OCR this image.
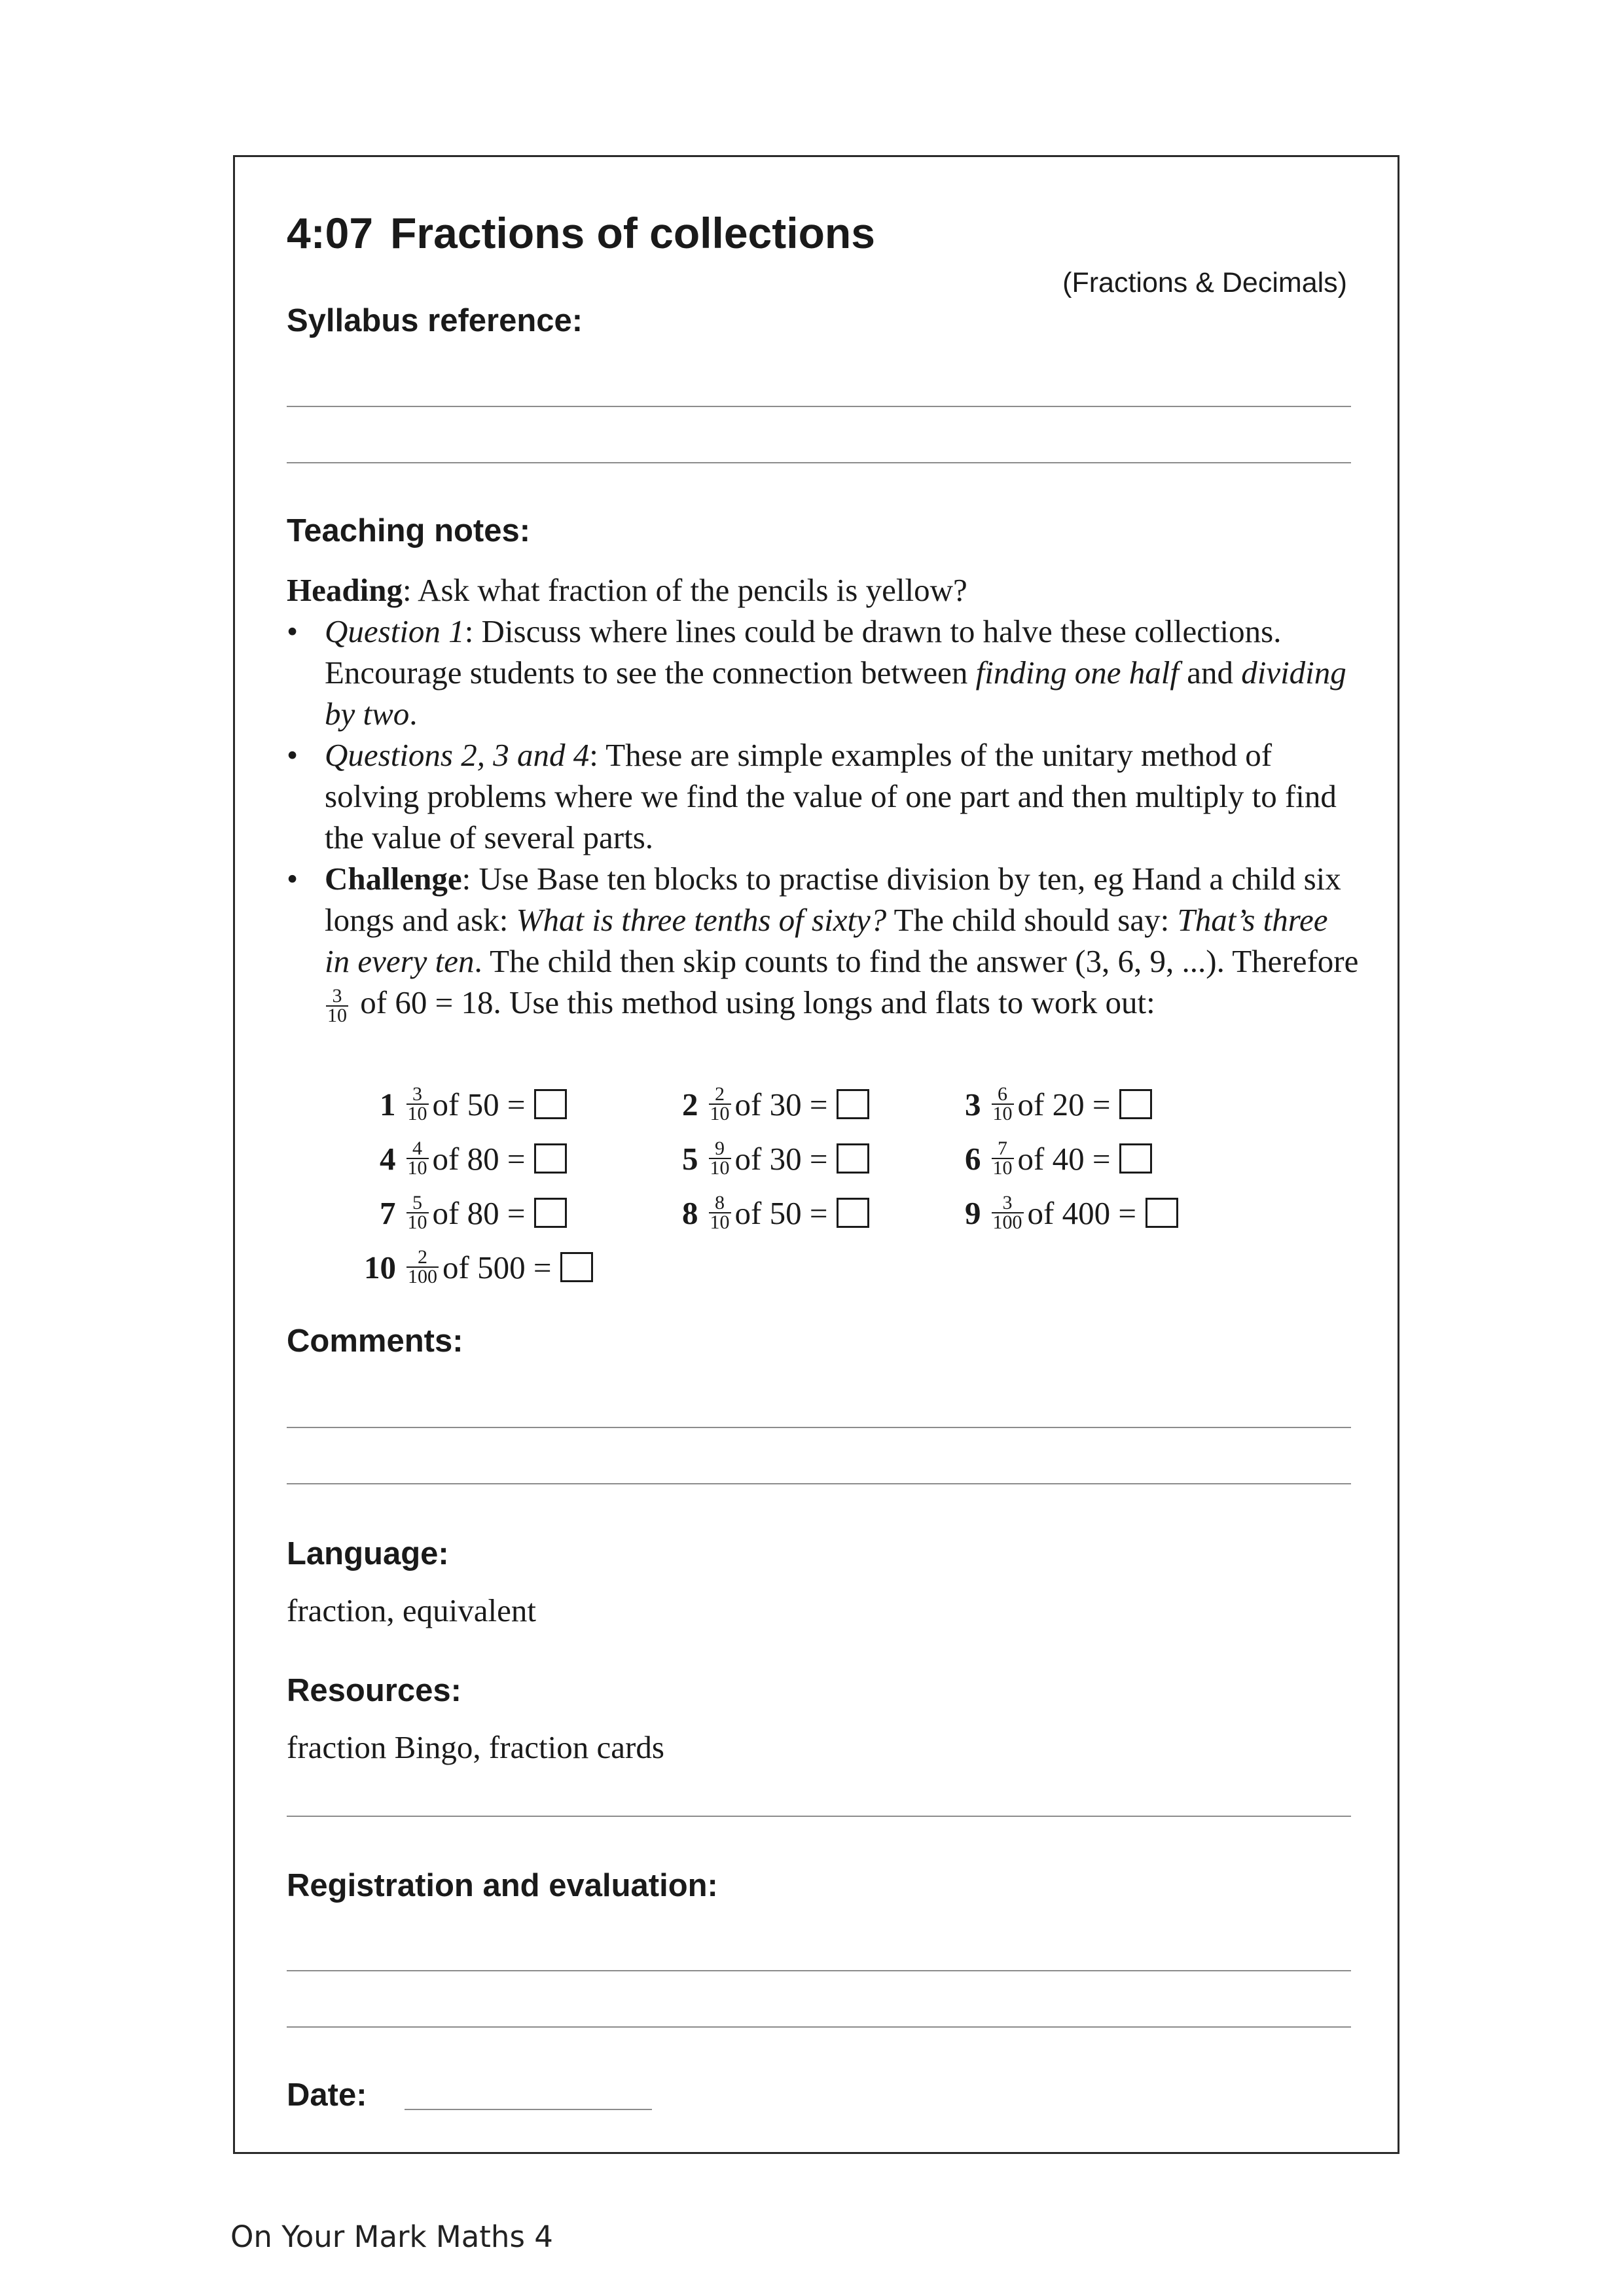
4:07 Fractions of collections
(Fractions & Decimals)
Syllabus reference:
Teaching notes:

Heading: Ask what fraction of the pencils is yellow?

• Question 1: Discuss where lines could be drawn to halve these collections. Encourage students to see the connection between finding one half and dividing by two.
• Questions 2, 3 and 4: These are simple examples of the unitary method of solving problems where we find the value of one part and then multiply to find the value of several parts.
• Challenge: Use Base ten blocks to practise division by ten, eg Hand a child six longs and ask: What is three tenths of sixty? The child should say: That’s three in every ten. The child then skip counts to find the answer (3, 6, 9, ...). Therefore
$\frac{3}{10}$ of 60 = 18. Use this method using longs and flats to work out:
$1 \frac{3}{10}$ of 50 =	$2 \frac{2}{10}$ of 30 =	$3 \frac{6}{10}$ of 20 =
$4 \frac{4}{10}$ of 80 =	$5 \frac{9}{10}$ of 30 =	$6 \frac{7}{10}$ of 40 =
$7 \frac{5}{10}$ of 80 =	$8 \frac{8}{10}$ of 50 =	$9 \frac{3}{100}$ of 400 =
$10 \frac{2}{100}$ of 500 =
Comments:
Language:
fraction, equivalent
Resources:
fraction Bingo, fraction cards
Registration and evaluation:
Date:
On Your Mark Maths 4
